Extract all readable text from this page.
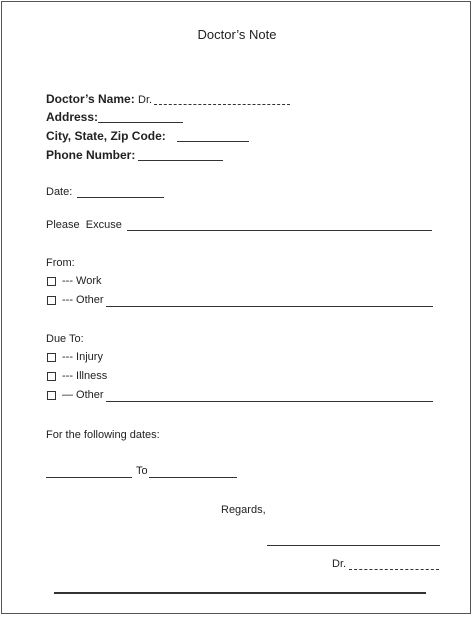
Doctor’s Note
Doctor’s Name: Dr.
Address:
City, State, Zip Code:
Phone Number:
Date:
Please  Excuse
From:
--- Work
--- Other
Due To:
--- Injury
--- Illness
— Other
For the following dates:
To
Regards,
Dr.
